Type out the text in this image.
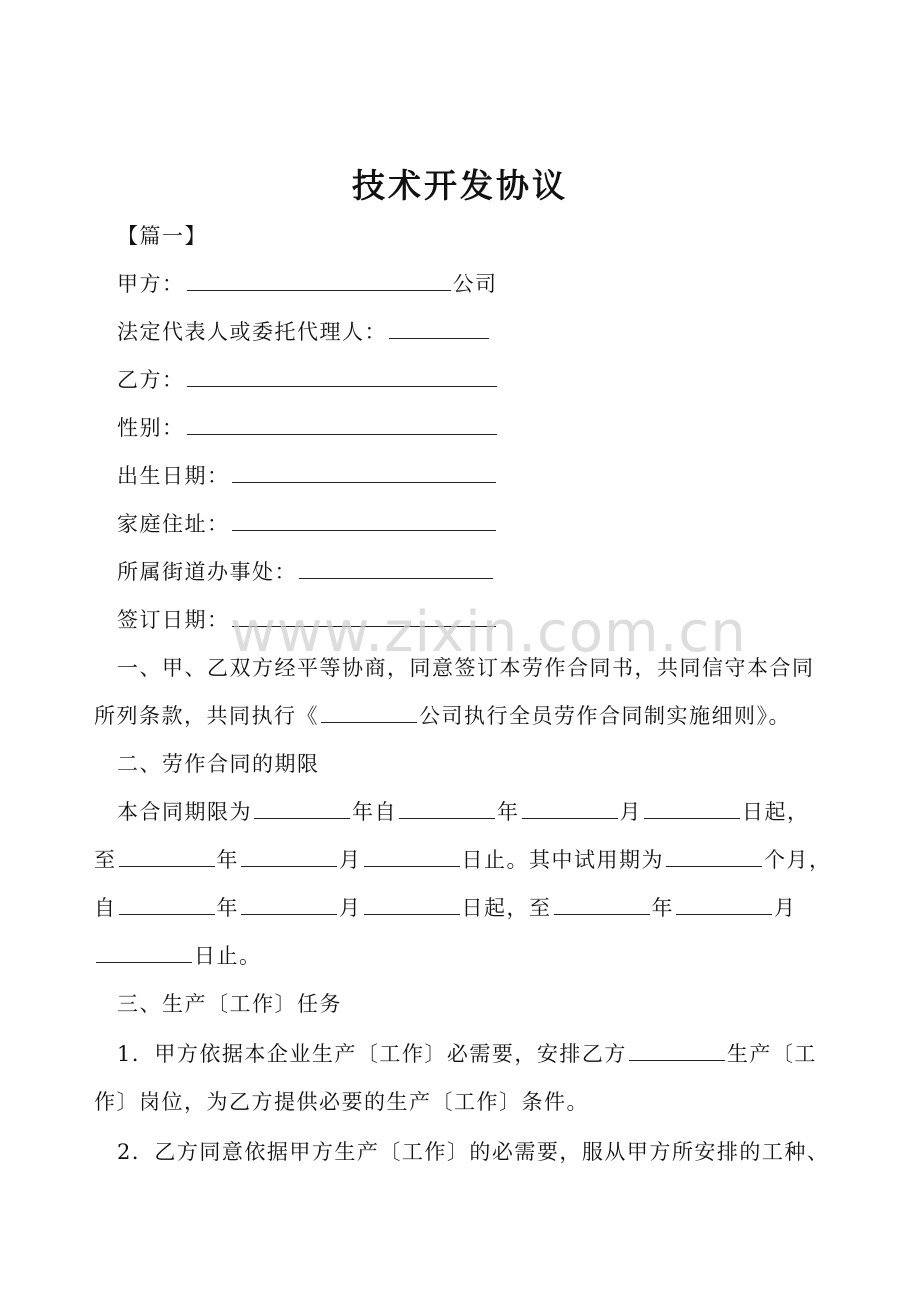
技术开发协议
【篇一】
甲方：	公司
法定代表人或委托代理人：
乙方：
性别：
出生日期：
家庭住址：
所属街道办事处：
签订日期： www.zixin.com.cn
一、甲、乙双方经平等协商，同意签订本劳作合同书，共同信守本合同
所列条款，共同执行《	公司执行全员劳作合同制实施细则》。
二、劳作合同的期限
本合同期限为	年自	年	月	日起，
至	年	月	日止。其中试用期为	个月，
自	年	月	日起，至	年	月
日止。
三、生产〔工作〕任务
1．甲方依据本企业生产〔工作〕必需要，安排乙方	生产〔工
作〕岗位，为乙方提供必要的生产〔工作〕条件。
2．乙方同意依据甲方生产〔工作〕的必需要，服从甲方所安排的工种、
